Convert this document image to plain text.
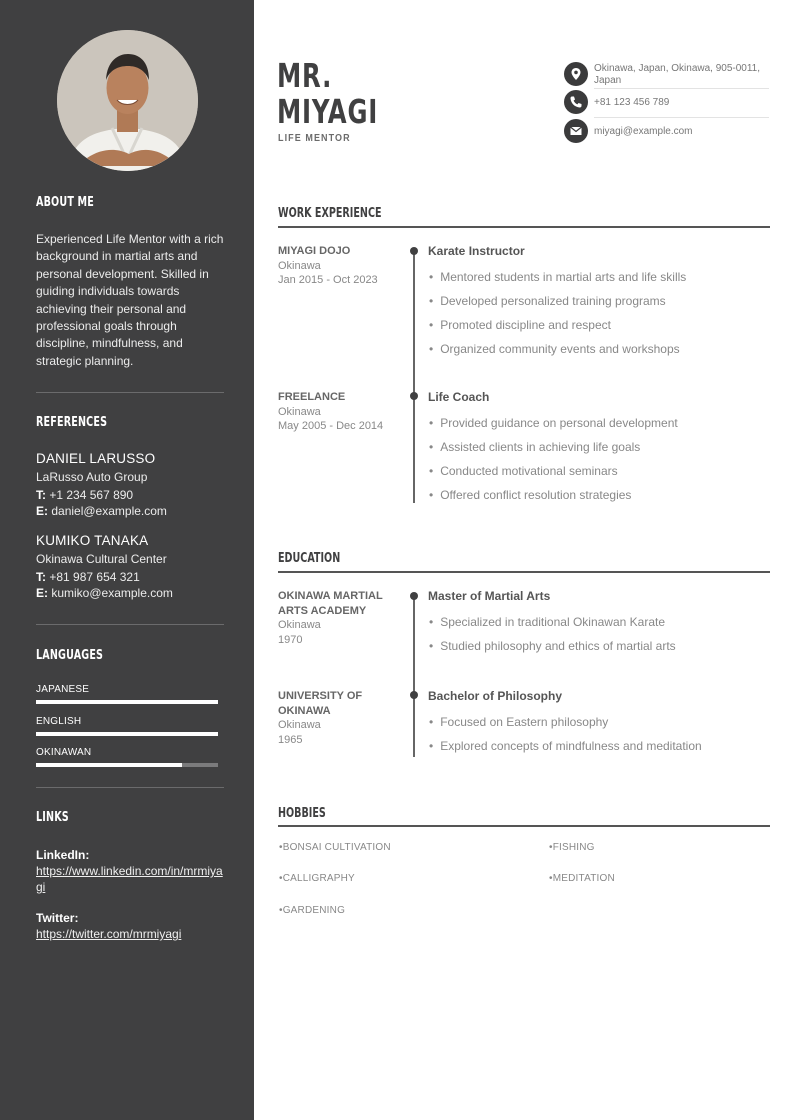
ABOUT ME
Experienced Life Mentor with a rich background in martial arts and personal development. Skilled in guiding individuals towards achieving their personal and professional goals through discipline, mindfulness, and strategic planning.
REFERENCES
DANIEL LARUSSO
LaRusso Auto Group
T: +1 234 567 890
E: daniel@example.com
KUMIKO TANAKA
Okinawa Cultural Center
T: +81 987 654 321
E: kumiko@example.com
LANGUAGES
JAPANESE
ENGLISH
OKINAWAN
LINKS
LinkedIn:
https://www.linkedin.com/in/mrmiyagi
Twitter:
https://twitter.com/mrmiyagi
MR.
MIYAGI
LIFE MENTOR
Okinawa, Japan, Okinawa, 905-0011, Japan
+81 123 456 789
miyagi@example.com
WORK EXPERIENCE
MIYAGI DOJO
Okinawa
Jan 2015 - Oct 2023
Karate Instructor
• Mentored students in martial arts and life skills
• Developed personalized training programs
• Promoted discipline and respect
• Organized community events and workshops
FREELANCE
Okinawa
May 2005 - Dec 2014
Life Coach
• Provided guidance on personal development
• Assisted clients in achieving life goals
• Conducted motivational seminars
• Offered conflict resolution strategies
EDUCATION
OKINAWA MARTIAL
ARTS ACADEMY
Okinawa
1970
Master of Martial Arts
• Specialized in traditional Okinawan Karate
• Studied philosophy and ethics of martial arts
UNIVERSITY OF
OKINAWA
Okinawa
1965
Bachelor of Philosophy
• Focused on Eastern philosophy
• Explored concepts of mindfulness and meditation
HOBBIES
• BONSAI CULTIVATION	• FISHING
• CALLIGRAPHY	• MEDITATION
• GARDENING
